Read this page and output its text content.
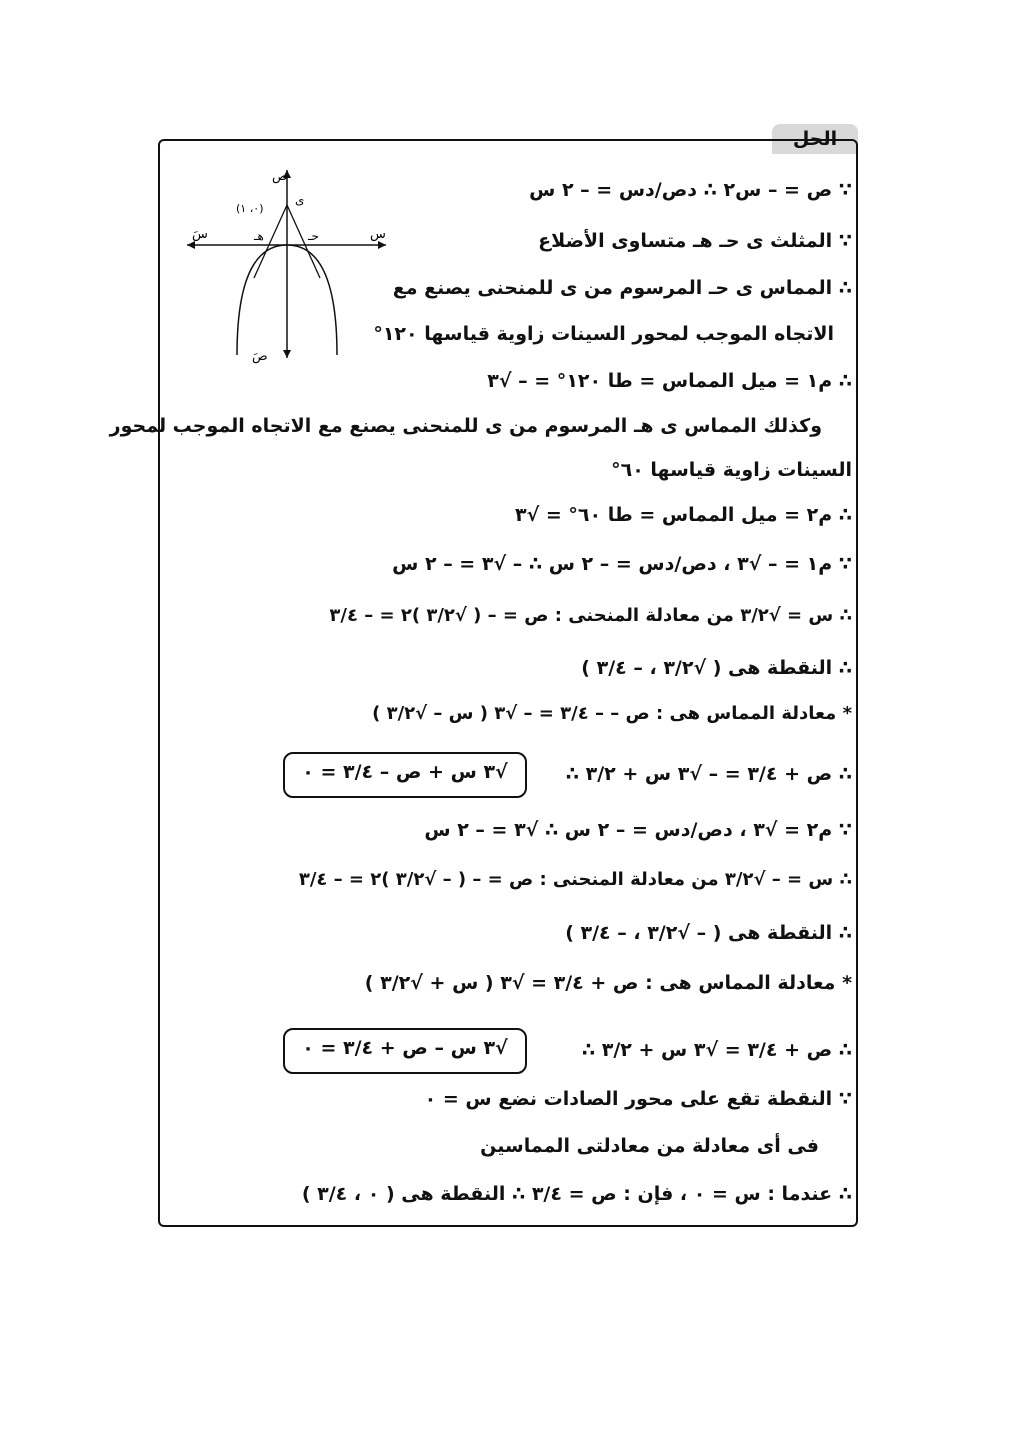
الحل
ص
صَ
س
سَ
ى
(٠، ١)
هـ	حـ
∵ ص = – س٢ ∴ دص/دس = – ٢ س
∵ المثلث ى حـ هـ متساوى الأضلاع
∴ المماس ى حـ المرسوم من ى للمنحنى يصنع مع
الاتجاه الموجب لمحور السينات زاوية قياسها ١٢٠°
∴ م١ = ميل المماس = طا ١٢٠° = – √٣
وكذلك المماس ى هـ المرسوم من ى للمنحنى يصنع مع الاتجاه الموجب لمحور
السينات زاوية قياسها ٦٠°
∴ م٢ = ميل المماس = طا ٦٠° = √٣
∵ م١ = – √٣ ، دص/دس = – ٢ س ∴ – √٣ = – ٢ س
∴ س = √٣/٢ من معادلة المنحنى : ص = – ( √٣/٢ )٢ = – ٣/٤
∴ النقطة هى ( √٣/٢ ، – ٣/٤ )
* معادلة المماس هى : ص – – ٣/٤ = – √٣ ( س – √٣/٢ )
∴ ص + ٣/٤ = – √٣ س + ٣/٢ ∴
√٣ س + ص – ٣/٤ = ٠
∵ م٢ = √٣ ، دص/دس = – ٢ س ∴ √٣ = – ٢ س
∴ س = – √٣/٢ من معادلة المنحنى : ص = – ( – √٣/٢ )٢ = – ٣/٤
∴ النقطة هى ( – √٣/٢ ، – ٣/٤ )
* معادلة المماس هى : ص + ٣/٤ = √٣ ( س + √٣/٢ )
∴ ص + ٣/٤ = √٣ س + ٣/٢ ∴
√٣ س – ص + ٣/٤ = ٠
∵ النقطة تقع على محور الصادات نضع س = ٠
فى أى معادلة من معادلتى المماسين
∴ عندما : س = ٠ ، فإن : ص = ٣/٤ ∴ النقطة هى ( ٠ ، ٣/٤ )
